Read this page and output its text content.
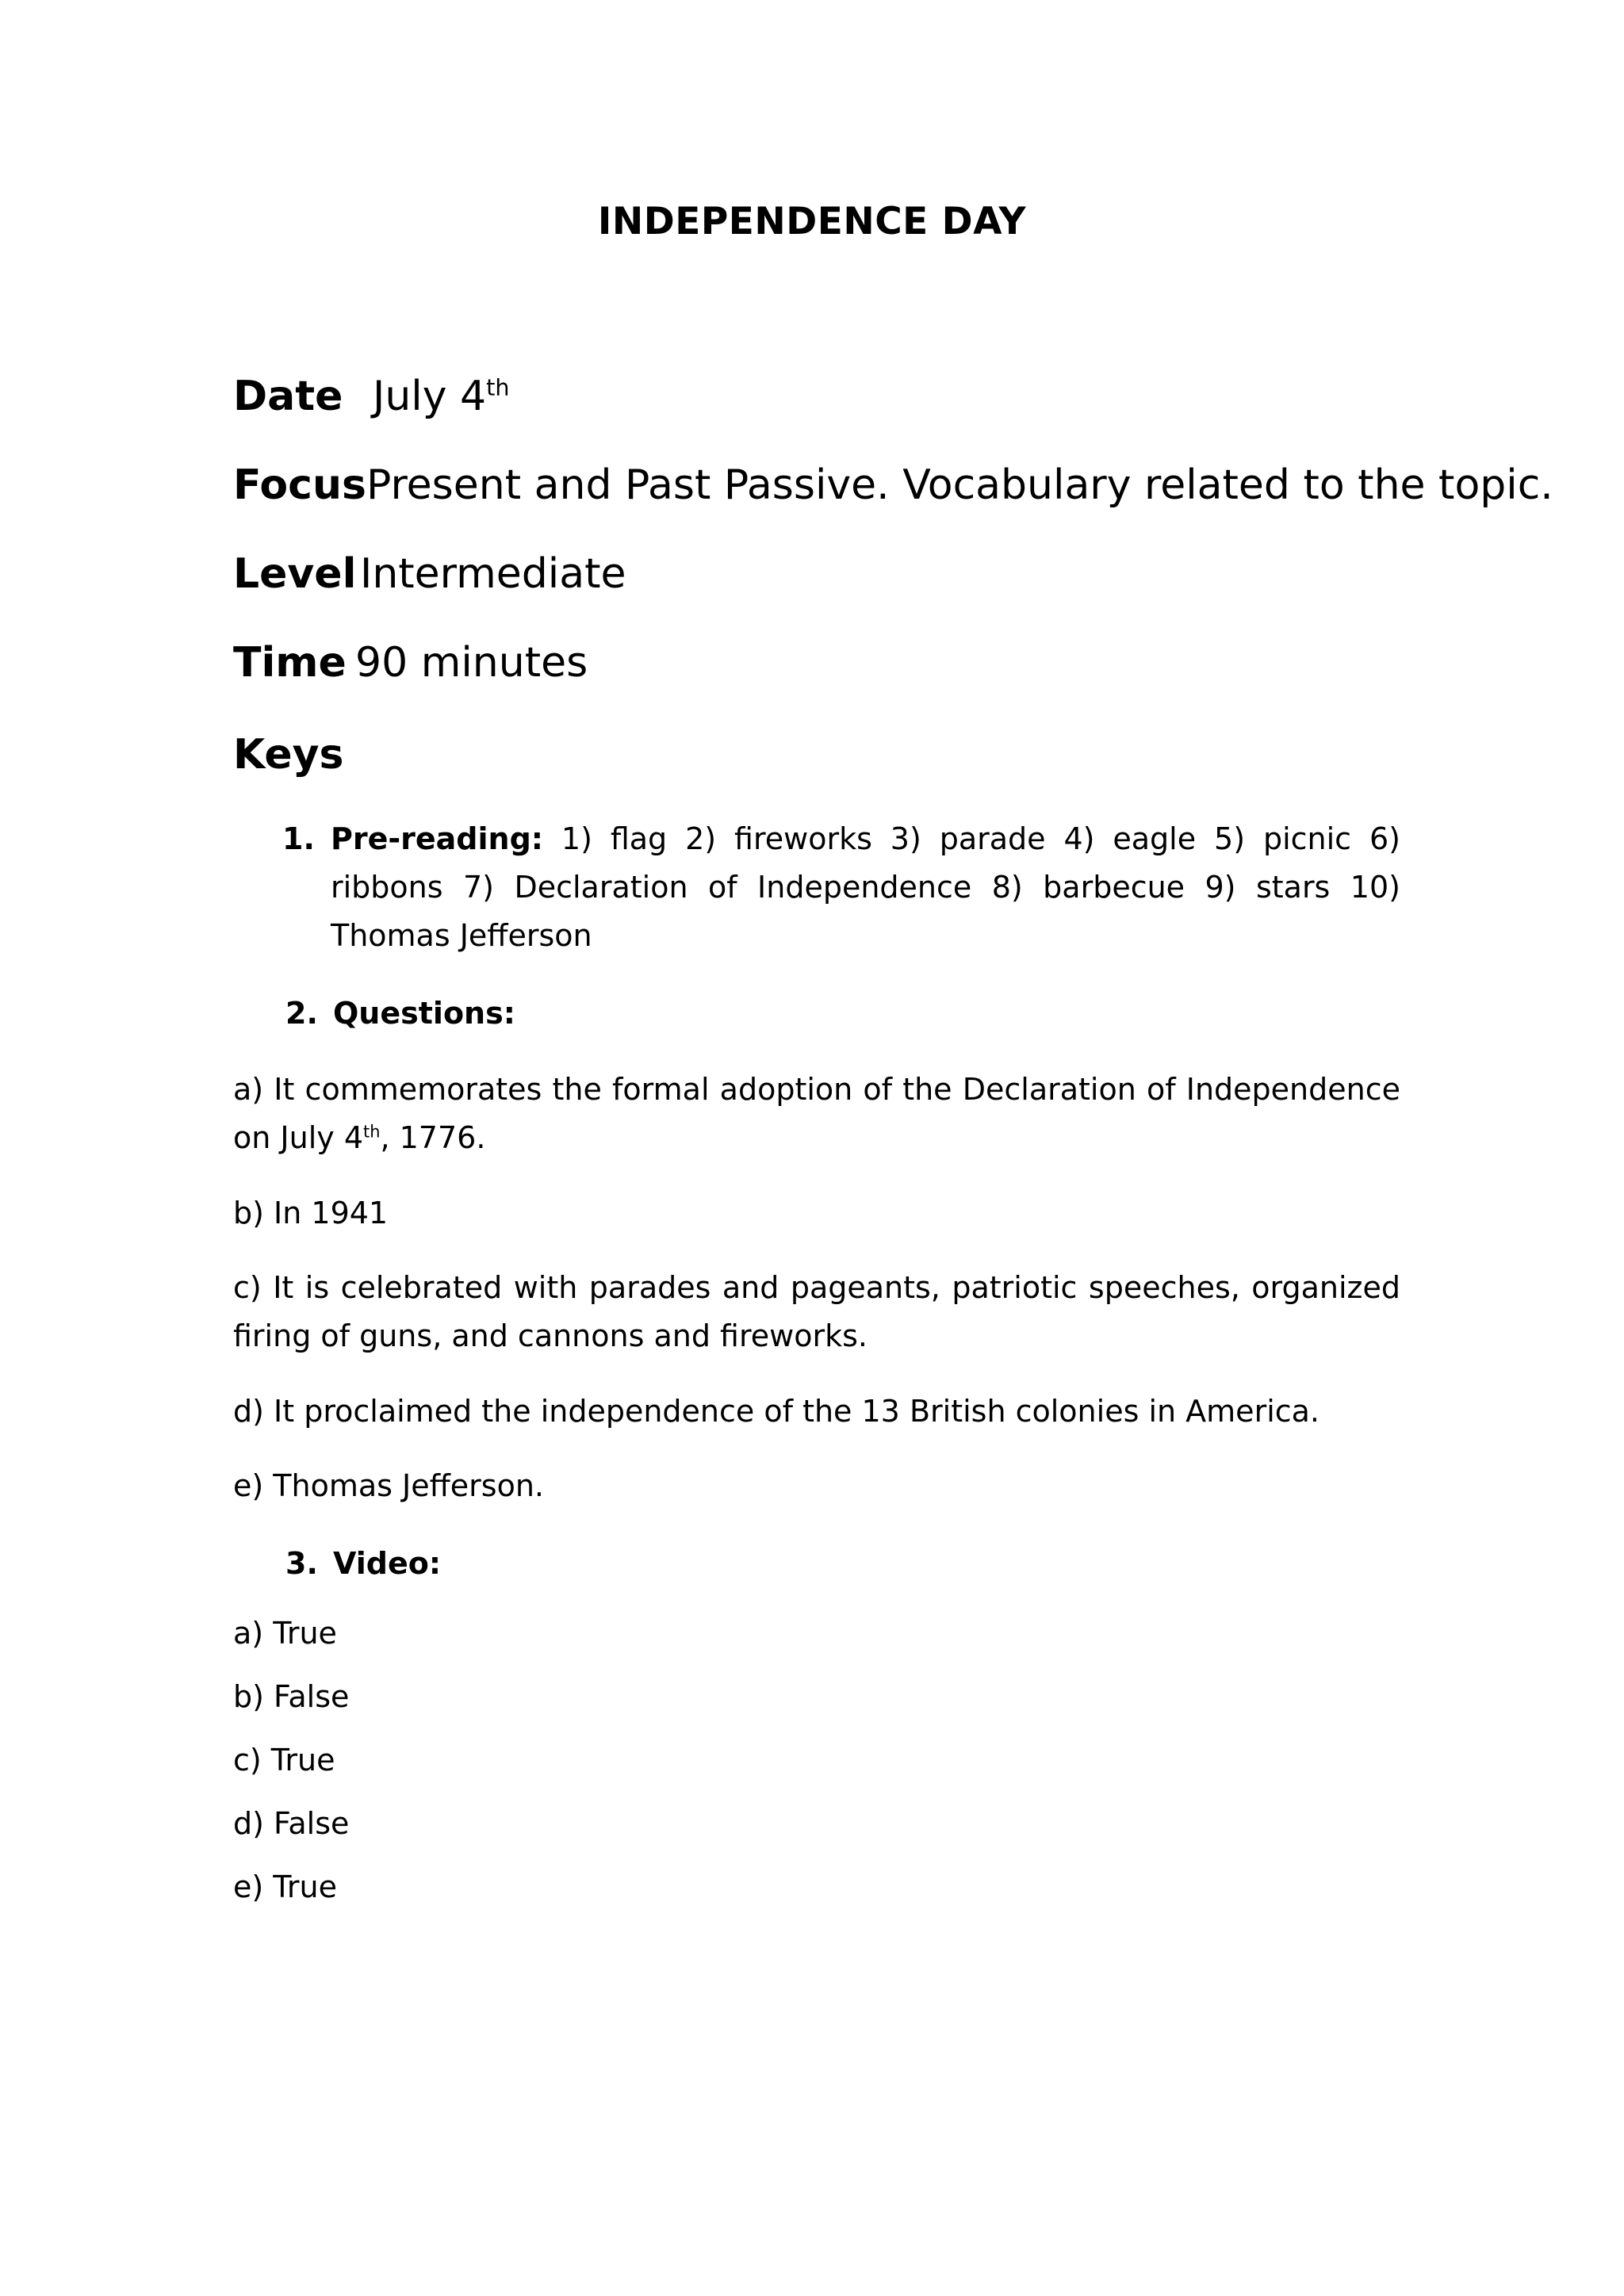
INDEPENDENCE DAY
Date July 4th
FocusPresent and Past Passive. Vocabulary related to the topic.
LevelIntermediate
Time 90 minutes
Keys
1. Pre-reading: 1) flag 2) fireworks 3) parade 4) eagle 5) picnic 6) ribbons 7) Declaration of Independence 8) barbecue 9) stars 10) Thomas Jefferson
2. Questions:
a) It commemorates the formal adoption of the Declaration of Independence on July 4th, 1776.
b) In 1941
c) It is celebrated with parades and pageants, patriotic speeches, organized firing of guns, and cannons and fireworks.
d) It proclaimed the independence of the 13 British colonies in America.
e) Thomas Jefferson.
3. Video:
a) True
b) False
c) True
d) False
e) True
